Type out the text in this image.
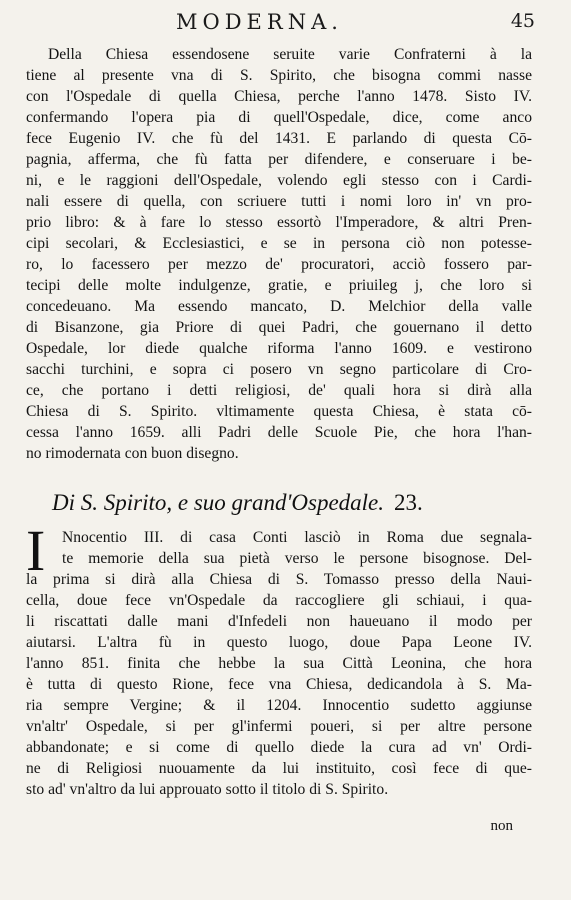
MODERNA.	45
Della Chiesa essendosene seruite varie Confraterni à la
tiene al presente vna di S. Spirito, che bisogna commi nasse
con l'Ospedale di quella Chiesa, perche l'anno 1478. Sisto IV.
confermando l'opera pia di quell'Ospedale, dice, come anco
fece Eugenio IV. che fù del 1431. E parlando di questa Cō-
pagnia, afferma, che fù fatta per difendere, e conseruare i be-
ni, e le raggioni dell'Ospedale, volendo egli stesso con i Cardi-
nali essere di quella, con scriuere tutti i nomi loro in' vn pro-
prio libro: & à fare lo stesso essortò l'Imperadore, & altri Pren-
cipi secolari, & Ecclesiastici, e se in persona ciò non potesse-
ro, lo facessero per mezzo de' procuratori, acciò fossero par-
tecipi delle molte indulgenze, gratie, e priuileg j, che loro si
concedeuano. Ma essendo mancato, D. Melchior della valle
di Bisanzone, gia Priore di quei Padri, che gouernano il detto
Ospedale, lor diede qualche riforma l'anno 1609. e vestirono
sacchi turchini, e sopra ci posero vn segno particolare di Cro-
ce, che portano i detti religiosi, de' quali hora si dirà alla
Chiesa di S. Spirito. vltimamente questa Chiesa, è stata cō-
cessa l'anno 1659. alli Padri delle Scuole Pie, che hora l'han-
no rimodernata con buon disegno.
Di S. Spirito, e suo grand'Ospedale. 23.
I	Nnocentio III. di casa Conti lasciò in Roma due segnala-
te memorie della sua pietà verso le persone bisognose. Del-
la prima si dirà alla Chiesa di S. Tomasso presso della Naui-
cella, doue fece vn'Ospedale da raccogliere gli schiaui, i qua-
li riscattati dalle mani d'Infedeli non haueuano il modo per
aiutarsi. L'altra fù in questo luogo, doue Papa Leone IV.
l'anno 851. finita che hebbe la sua Città Leonina, che hora
è tutta di questo Rione, fece vna Chiesa, dedicandola à S. Ma-
ria sempre Vergine; & il 1204. Innocentio sudetto aggiunse
vn'altr' Ospedale, si per gl'infermi poueri, si per altre persone
abbandonate; e si come di quello diede la cura ad vn' Ordi-
ne di Religiosi nuouamente da lui instituito, così fece di que-
sto ad' vn'altro da lui approuato sotto il titolo di S. Spirito.
non
